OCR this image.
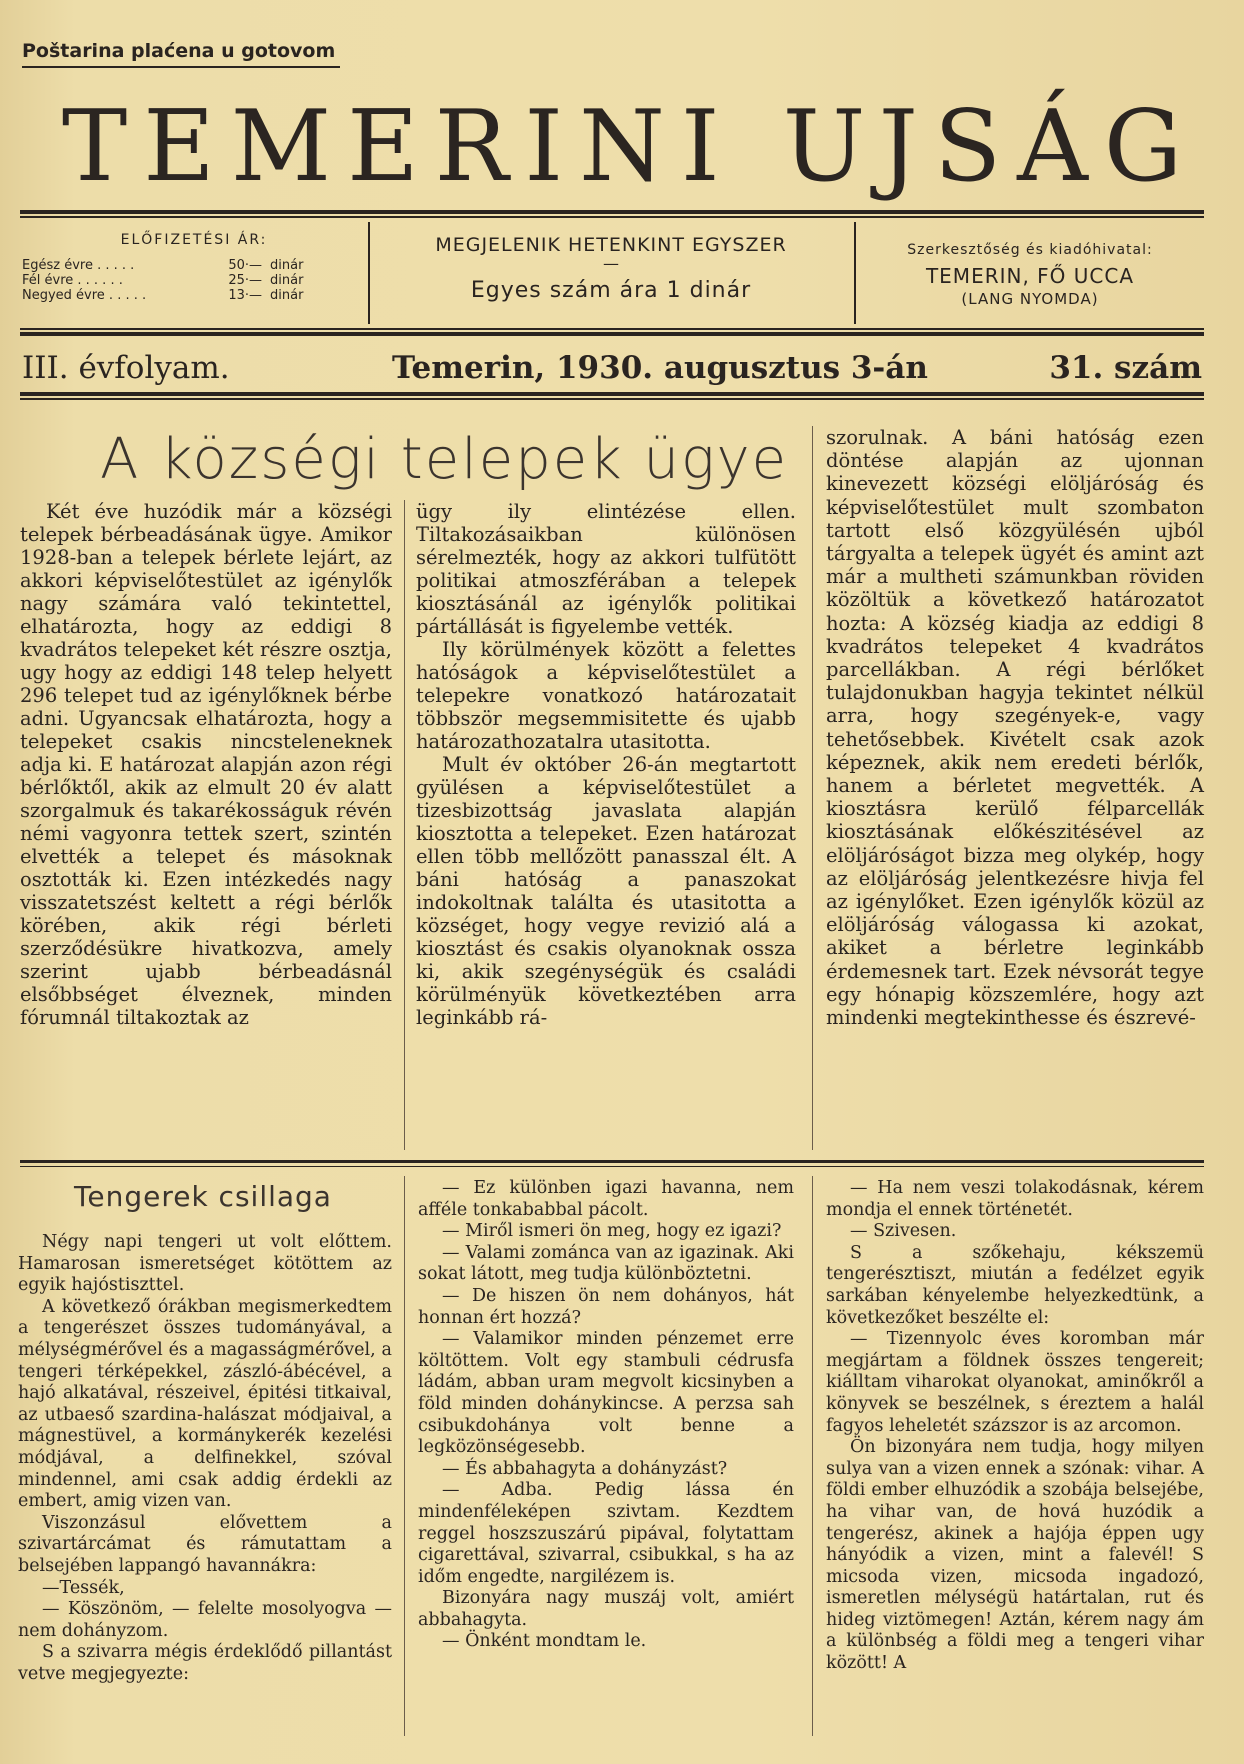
Poštarina plaćena u gotovom
TEMERINI UJSÁG
ELŐFIZETÉSI ÁR:
Egész évre . . . . .	50·— dinár
Fél évre . . . . . .	25·— dinár
Negyed évre . . . . .	13·— dinár
MEGJELENIK HETENKINT EGYSZER
—
Egyes szám ára 1 dinár
Szerkesztőség és kiadóhivatal:
TEMERIN, FŐ UCCA
(LANG NYOMDA)
III. évfolyam.	Temerin, 1930. augusztus 3-án	31. szám
A községi telepek ügye

Két éve huzódik már a községi telepek bérbeadásának ügye. Amikor 1928-ban a telepek bérlete lejárt, az akkori képviselőtestület az igénylők nagy számára való tekintettel, elhatározta, hogy az eddigi 8 kvadrátos telepeket két részre osztja, ugy hogy az eddigi 148 telep helyett 296 telepet tud az igénylőknek bérbe adni. Ugyancsak elhatározta, hogy a telepeket csakis nincsteleneknek adja ki. E határozat alapján azon régi bérlőktől, akik az elmult 20 év alatt szorgalmuk és takarékosságuk révén némi vagyonra tettek szert, szintén elvették a telepet és másoknak osztották ki. Ezen intézkedés nagy visszatetszést keltett a régi bérlők körében, akik régi bérleti szerződésükre hivatkozva, amely szerint ujabb bérbeadásnál elsőbbséget élveznek, minden fórumnál tiltakoztak az

ügy ily elintézése ellen. Tiltakozásaikban különösen sérelmezték, hogy az akkori tulfütött politikai atmoszférában a telepek kiosztásánál az igénylők politikai pártállását is figyelembe vették.

Ily körülmények között a felettes hatóságok a képviselőtestület a telepekre vonatkozó határozatait többször megsemmisitette és ujabb határozathozatalra utasitotta.

Mult év október 26-án megtartott gyülésen a képviselőtestület a tizesbizottság javaslata alapján kiosztotta a telepeket. Ezen határozat ellen több mellőzött panasszal élt. A báni hatóság a panaszokat indokoltnak találta és utasitotta a községet, hogy vegye revizió alá a kiosztást és csakis olyanoknak ossza ki, akik szegénységük és családi körülményük következtében arra leginkább rá-

szorulnak. A báni hatóság ezen döntése alapján az ujonnan kinevezett községi elöljáróság és képviselőtestület mult szombaton tartott első közgyülésén ujból tárgyalta a telepek ügyét és amint azt már a multheti számunkban röviden közöltük a következő határozatot hozta: A község kiadja az eddigi 8 kvadrátos telepeket 4 kvadrátos parcellákban. A régi bérlőket tulajdonukban hagyja tekintet nélkül arra, hogy szegények-e, vagy tehetősebbek. Kivételt csak azok képeznek, akik nem eredeti bérlők, hanem a bérletet megvették. A kiosztásra kerülő félparcellák kiosztásának előkészitésével az elöljáróságot bizza meg olykép, hogy az elöljáróság jelentkezésre hivja fel az igénylőket. Ezen igénylők közül az elöljáróság válogassa ki azokat, akiket a bérletre leginkább érdemesnek tart. Ezek névsorát tegye egy hónapig közszemlére, hogy azt mindenki megtekinthesse és észrevé-

Tengerek csillaga

Négy napi tengeri ut volt előttem. Hamarosan ismeretséget kötöttem az egyik hajóstiszttel.

A következő órákban megismerkedtem a tengerészet összes tudományával, a mélységmérővel és a magasságmérővel, a tengeri térképekkel, zászló-ábécével, a hajó alkatával, részeivel, épitési titkaival, az utbaeső szardina-halászat módjaival, a mágnestüvel, a kormánykerék kezelési módjával, a delfinekkel, szóval mindennel, ami csak addig érdekli az embert, amig vizen van.

Viszonzásul elővettem a szivartárcámat és rámutattam a belsejében lappangó havannákra:

—Tessék,

— Köszönöm, — felelte mosolyogva — nem dohányzom.

S a szivarra mégis érdeklődő pillantást vetve megjegyezte:

— Ez különben igazi havanna, nem afféle tonkababbal pácolt.

— Miről ismeri ön meg, hogy ez igazi?

— Valami zománca van az igazinak. Aki sokat látott, meg tudja különböztetni.

— De hiszen ön nem dohányos, hát honnan ért hozzá?

— Valamikor minden pénzemet erre költöttem. Volt egy stambuli cédrusfa ládám, abban uram megvolt kicsinyben a föld minden dohánykincse. A perzsa sah csibukdohánya volt benne a legközönségesebb.

— És abbahagyta a dohányzást?

— Adba. Pedig lássa én mindenféleképen szivtam. Kezdtem reggel hoszszuszárú pipával, folytattam cigarettával, szivarral, csibukkal, s ha az időm engedte, nargilézem is.

Bizonyára nagy muszáj volt, amiért abbahagyta.

— Önként mondtam le.

— Ha nem veszi tolakodásnak, kérem mondja el ennek történetét.

— Szivesen.

S a szőkehaju, kékszemü tengerésztiszt, miután a fedélzet egyik sarkában kényelembe helyezkedtünk, a következőket beszélte el:

— Tizennyolc éves koromban már megjártam a földnek összes tengereit; kiálltam viharokat olyanokat, aminőkről a könyvek se beszélnek, s éreztem a halál fagyos leheletét százszor is az arcomon.

Ön bizonyára nem tudja, hogy milyen sulya van a vizen ennek a szónak: vihar. A földi ember elhuzódik a szobája belsejébe, ha vihar van, de hová huzódik a tengerész, akinek a hajója éppen ugy hányódik a vizen, mint a falevél! S micsoda vizen, micsoda ingadozó, ismeretlen mélységü határtalan, rut és hideg viztömegen! Aztán, kérem nagy ám a különbség a földi meg a tengeri vihar között! A
